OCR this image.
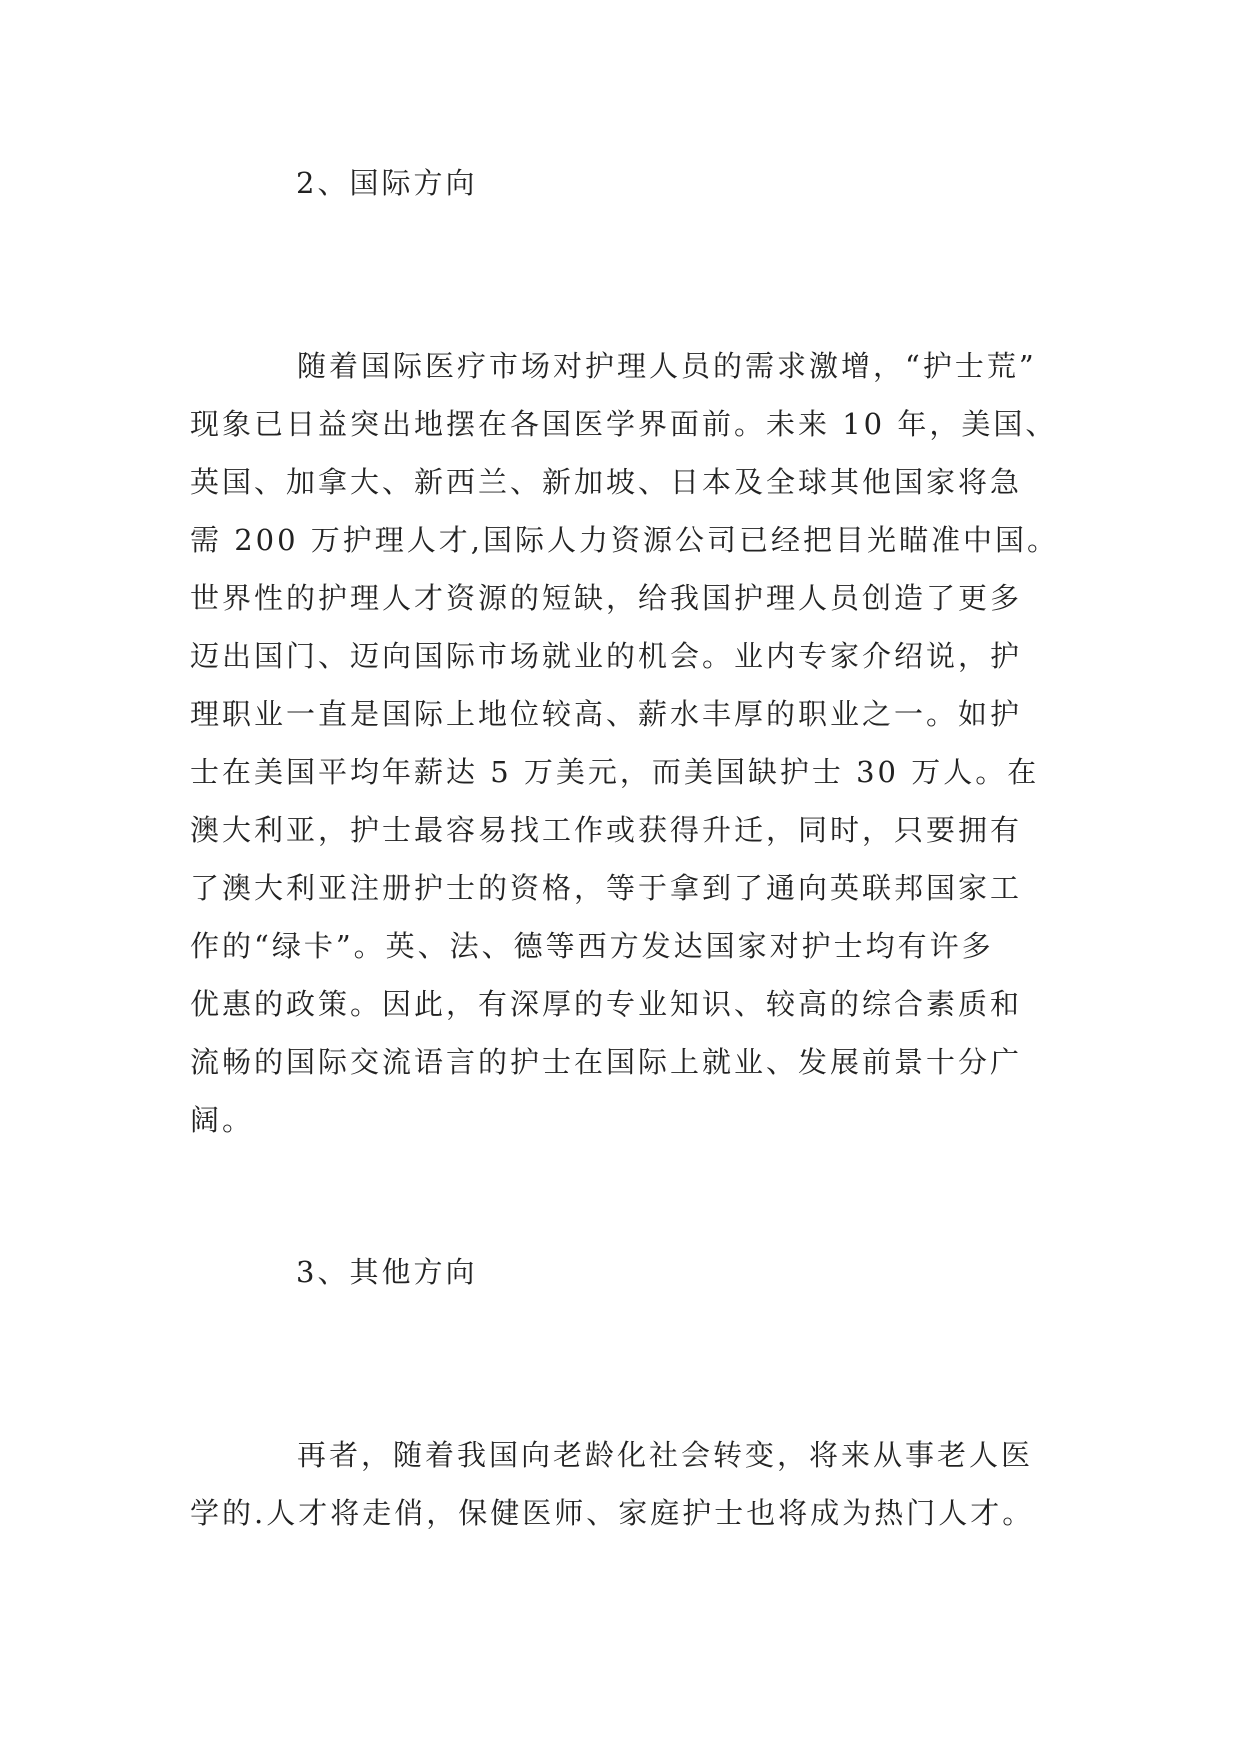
2、国际方向
随着国际医疗市场对护理人员的需求激增，“护士荒”
现象已日益突出地摆在各国医学界面前。未来 10 年，美国、
英国、加拿大、新西兰、新加坡、日本及全球其他国家将急
需 200 万护理人才,国际人力资源公司已经把目光瞄准中国。
世界性的护理人才资源的短缺，给我国护理人员创造了更多
迈出国门、迈向国际市场就业的机会。业内专家介绍说，护
理职业一直是国际上地位较高、薪水丰厚的职业之一。如护
士在美国平均年薪达 5 万美元，而美国缺护士 30 万人。在
澳大利亚，护士最容易找工作或获得升迁，同时，只要拥有
了澳大利亚注册护士的资格，等于拿到了通向英联邦国家工
作的“绿卡”。英、法、德等西方发达国家对护士均有许多
优惠的政策。因此，有深厚的专业知识、较高的综合素质和
流畅的国际交流语言的护士在国际上就业、发展前景十分广
阔。
3、其他方向
再者，随着我国向老龄化社会转变，将来从事老人医
学的.人才将走俏，保健医师、家庭护士也将成为热门人才。
